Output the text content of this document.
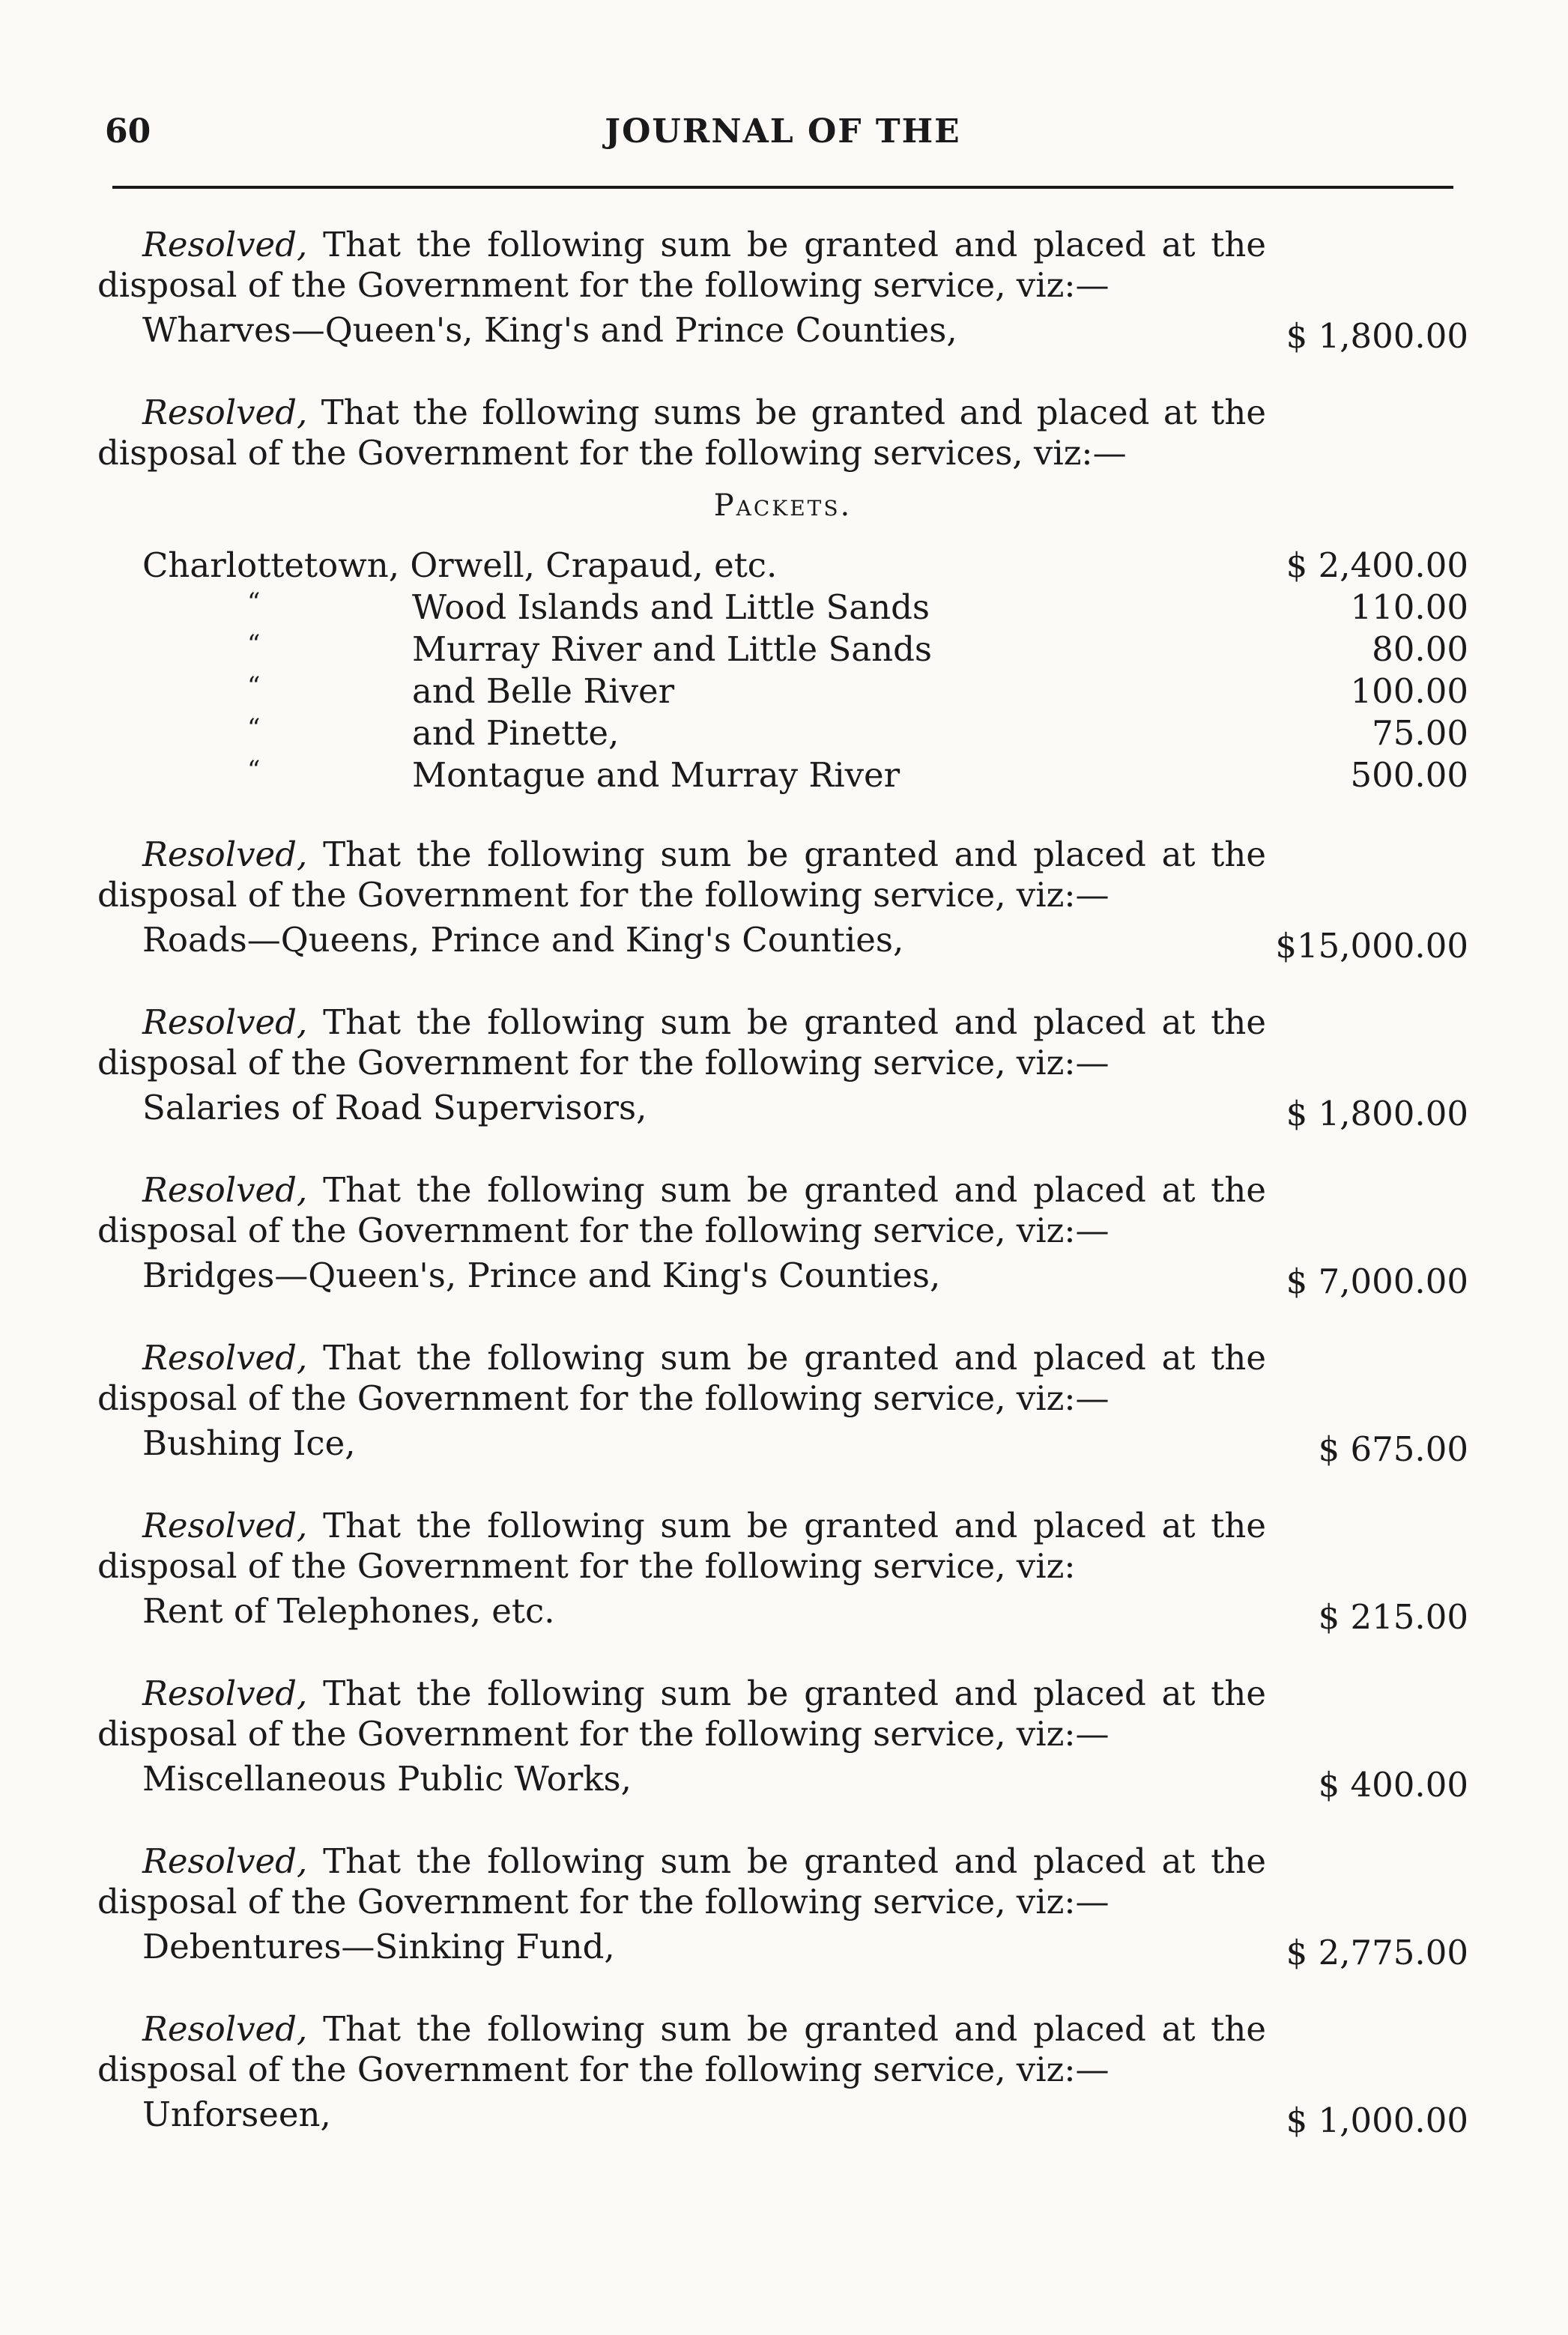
60	JOURNAL OF THE
Resolved, That the following sum be granted and placed at the disposal of the Government for the following service, viz:—
Wharves—Queen's, King's and Prince Counties,	$ 1,800.00
Resolved, That the following sums be granted and placed at the disposal of the Government for the following services, viz:—
Packets.
Charlottetown, Orwell, Crapaud, etc.	$ 2,400.00
“	Wood Islands and Little Sands	110.00
“	Murray River and Little Sands	80.00
“	and Belle River	100.00
“	and Pinette,	75.00
“	Montague and Murray River	500.00
Resolved, That the following sum be granted and placed at the disposal of the Government for the following service, viz:—
Roads—Queens, Prince and King's Counties,	$15,000.00
Resolved, That the following sum be granted and placed at the disposal of the Government for the following service, viz:—
Salaries of Road Supervisors,	$ 1,800.00
Resolved, That the following sum be granted and placed at the disposal of the Government for the following service, viz:—
Bridges—Queen's, Prince and King's Counties,	$ 7,000.00
Resolved, That the following sum be granted and placed at the disposal of the Government for the following service, viz:—
Bushing Ice,	$ 675.00
Resolved, That the following sum be granted and placed at the disposal of the Government for the following service, viz:
Rent of Telephones, etc.	$ 215.00
Resolved, That the following sum be granted and placed at the disposal of the Government for the following service, viz:—
Miscellaneous Public Works,	$ 400.00
Resolved, That the following sum be granted and placed at the disposal of the Government for the following service, viz:—
Debentures—Sinking Fund,	$ 2,775.00
Resolved, That the following sum be granted and placed at the disposal of the Government for the following service, viz:—
Unforseen,	$ 1,000.00
